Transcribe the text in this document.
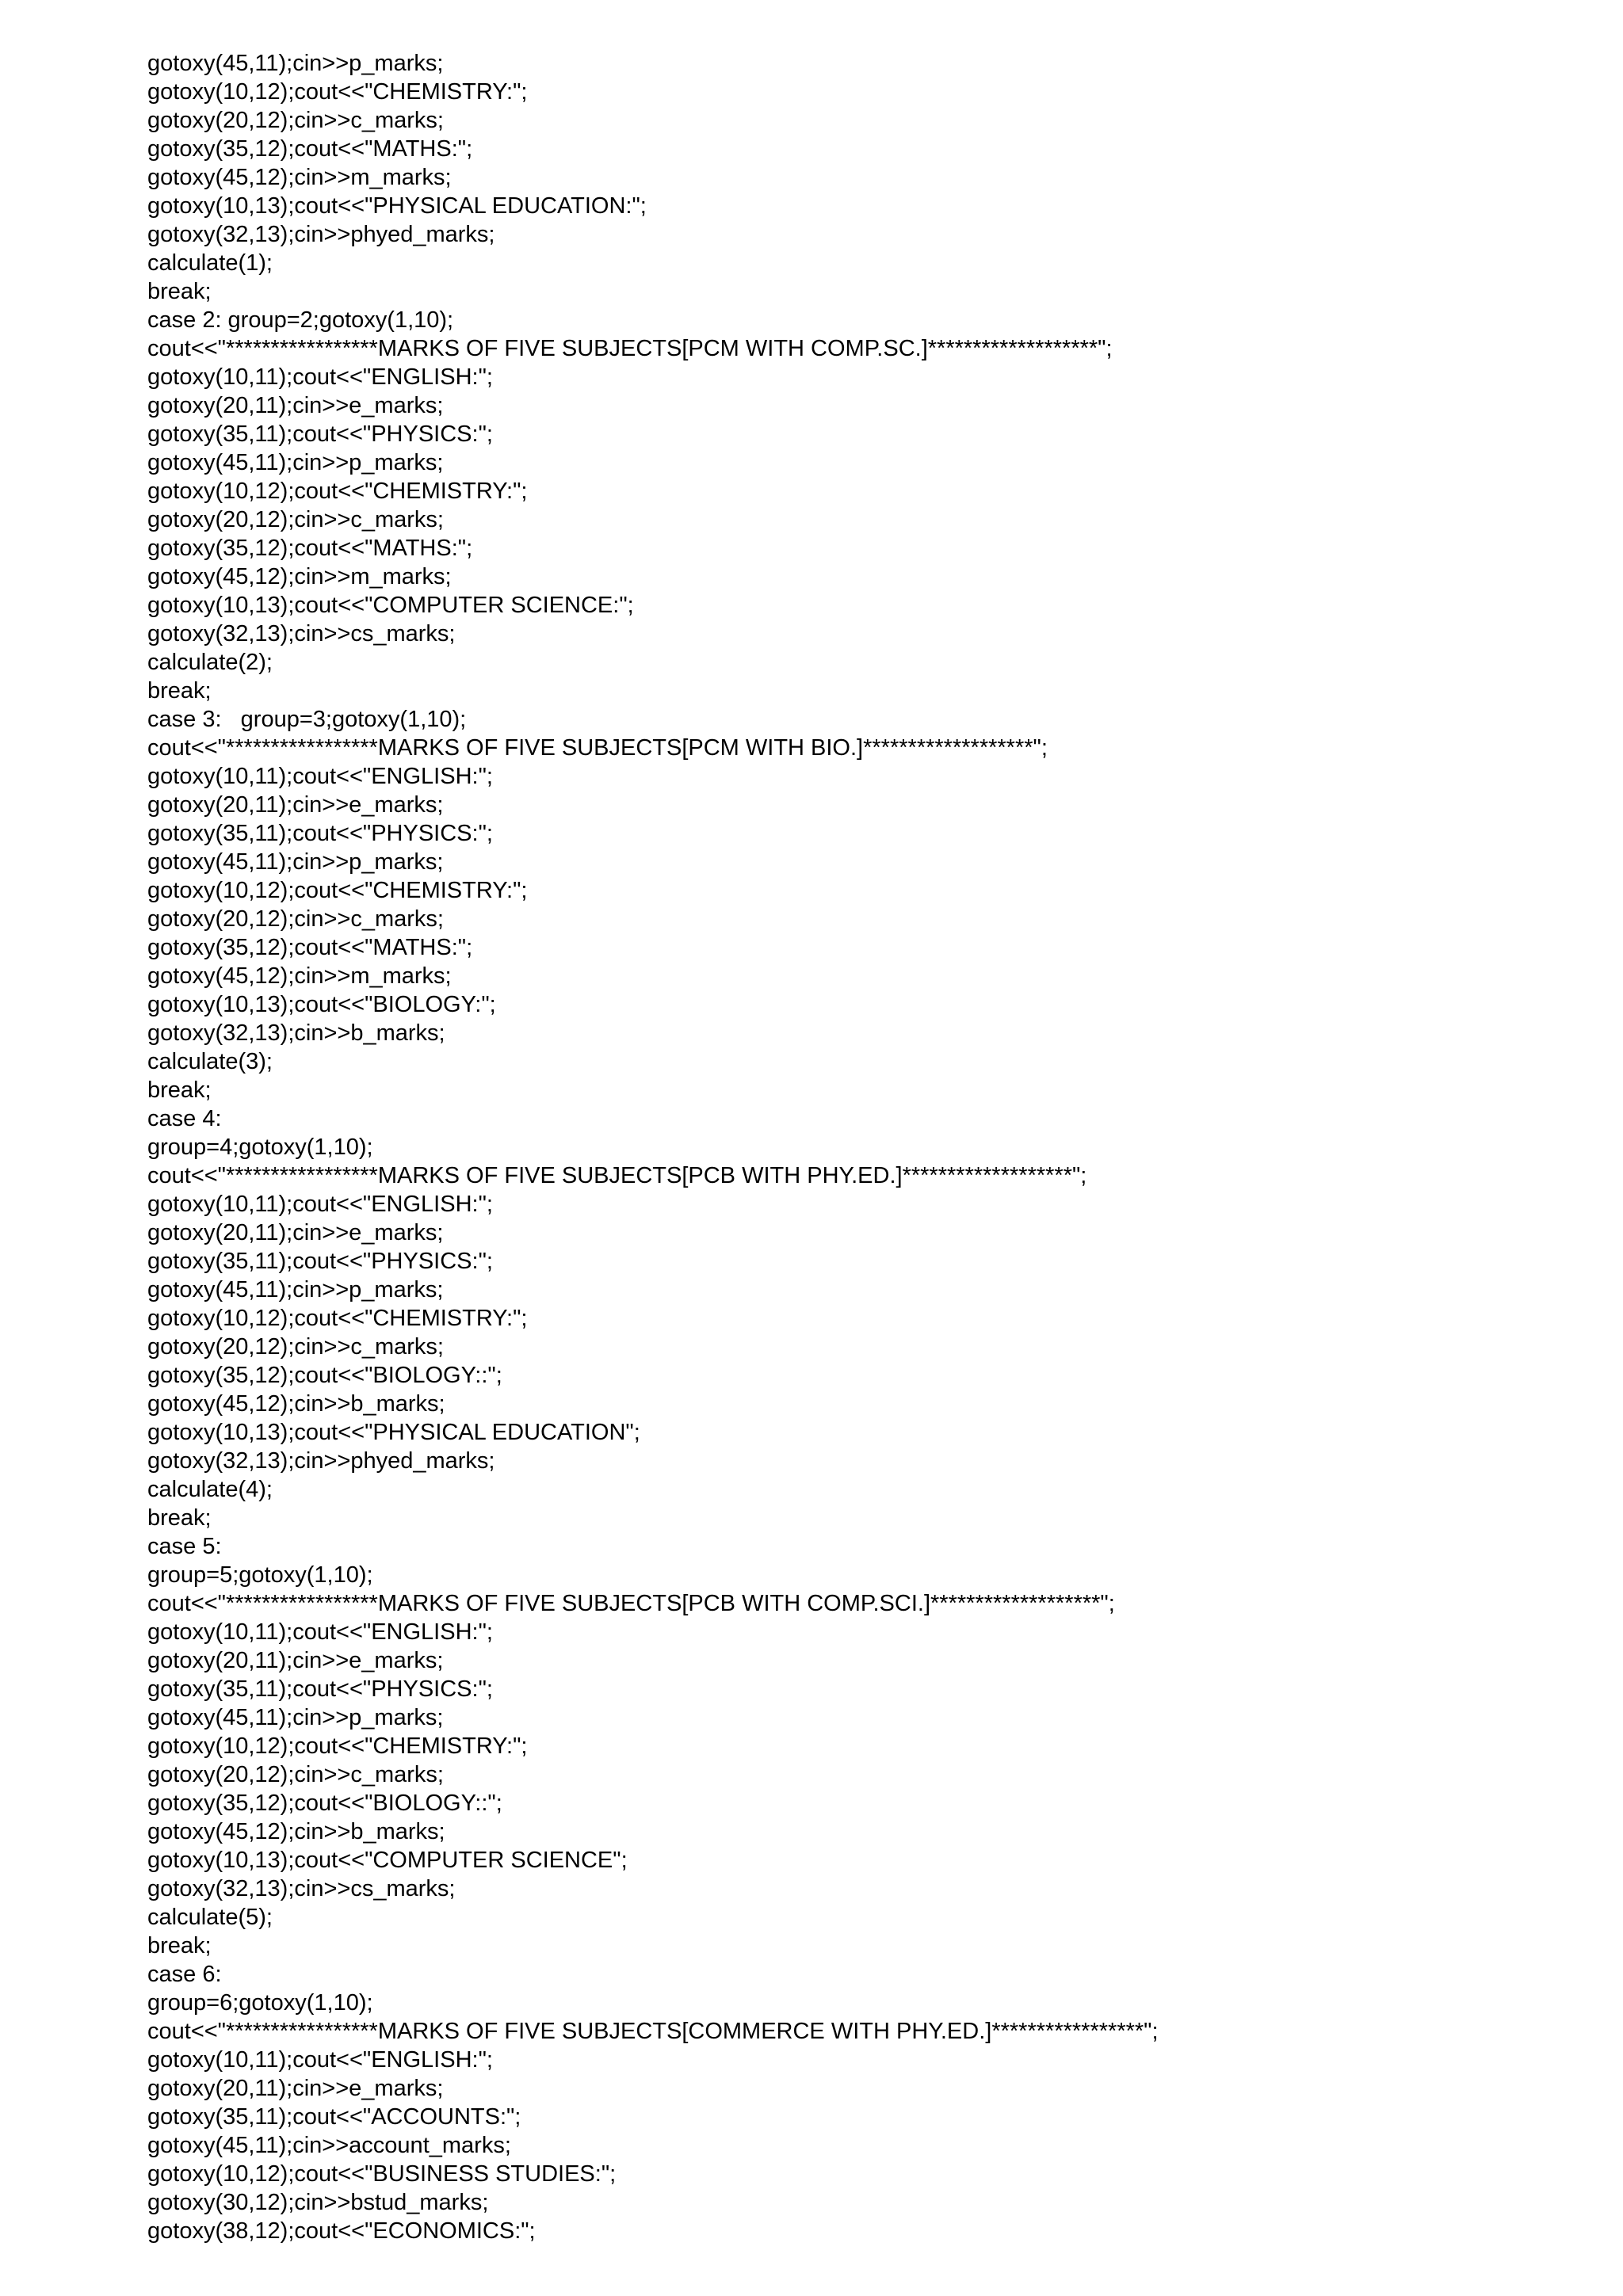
gotoxy(45,11);cin>>p_marks;
gotoxy(10,12);cout<<"CHEMISTRY:";
gotoxy(20,12);cin>>c_marks;
gotoxy(35,12);cout<<"MATHS:";
gotoxy(45,12);cin>>m_marks;
gotoxy(10,13);cout<<"PHYSICAL EDUCATION:";
gotoxy(32,13);cin>>phyed_marks;
calculate(1);
break;
case 2: group=2;gotoxy(1,10);
cout<<"*****************MARKS OF FIVE SUBJECTS[PCM WITH COMP.SC.]*******************";
gotoxy(10,11);cout<<"ENGLISH:";
gotoxy(20,11);cin>>e_marks;
gotoxy(35,11);cout<<"PHYSICS:";
gotoxy(45,11);cin>>p_marks;
gotoxy(10,12);cout<<"CHEMISTRY:";
gotoxy(20,12);cin>>c_marks;
gotoxy(35,12);cout<<"MATHS:";
gotoxy(45,12);cin>>m_marks;
gotoxy(10,13);cout<<"COMPUTER SCIENCE:";
gotoxy(32,13);cin>>cs_marks;
calculate(2);
break;
case 3:   group=3;gotoxy(1,10);
cout<<"*****************MARKS OF FIVE SUBJECTS[PCM WITH BIO.]*******************";
gotoxy(10,11);cout<<"ENGLISH:";
gotoxy(20,11);cin>>e_marks;
gotoxy(35,11);cout<<"PHYSICS:";
gotoxy(45,11);cin>>p_marks;
gotoxy(10,12);cout<<"CHEMISTRY:";
gotoxy(20,12);cin>>c_marks;
gotoxy(35,12);cout<<"MATHS:";
gotoxy(45,12);cin>>m_marks;
gotoxy(10,13);cout<<"BIOLOGY:";
gotoxy(32,13);cin>>b_marks;
calculate(3);
break;
case 4:
group=4;gotoxy(1,10);
cout<<"*****************MARKS OF FIVE SUBJECTS[PCB WITH PHY.ED.]*******************";
gotoxy(10,11);cout<<"ENGLISH:";
gotoxy(20,11);cin>>e_marks;
gotoxy(35,11);cout<<"PHYSICS:";
gotoxy(45,11);cin>>p_marks;
gotoxy(10,12);cout<<"CHEMISTRY:";
gotoxy(20,12);cin>>c_marks;
gotoxy(35,12);cout<<"BIOLOGY::";
gotoxy(45,12);cin>>b_marks;
gotoxy(10,13);cout<<"PHYSICAL EDUCATION";
gotoxy(32,13);cin>>phyed_marks;
calculate(4);
break;
case 5:
group=5;gotoxy(1,10);
cout<<"*****************MARKS OF FIVE SUBJECTS[PCB WITH COMP.SCI.]*******************";
gotoxy(10,11);cout<<"ENGLISH:";
gotoxy(20,11);cin>>e_marks;
gotoxy(35,11);cout<<"PHYSICS:";
gotoxy(45,11);cin>>p_marks;
gotoxy(10,12);cout<<"CHEMISTRY:";
gotoxy(20,12);cin>>c_marks;
gotoxy(35,12);cout<<"BIOLOGY::";
gotoxy(45,12);cin>>b_marks;
gotoxy(10,13);cout<<"COMPUTER SCIENCE";
gotoxy(32,13);cin>>cs_marks;
calculate(5);
break;
case 6:
group=6;gotoxy(1,10);
cout<<"*****************MARKS OF FIVE SUBJECTS[COMMERCE WITH PHY.ED.]*****************";
gotoxy(10,11);cout<<"ENGLISH:";
gotoxy(20,11);cin>>e_marks;
gotoxy(35,11);cout<<"ACCOUNTS:";
gotoxy(45,11);cin>>account_marks;
gotoxy(10,12);cout<<"BUSINESS STUDIES:";
gotoxy(30,12);cin>>bstud_marks;
gotoxy(38,12);cout<<"ECONOMICS:";
